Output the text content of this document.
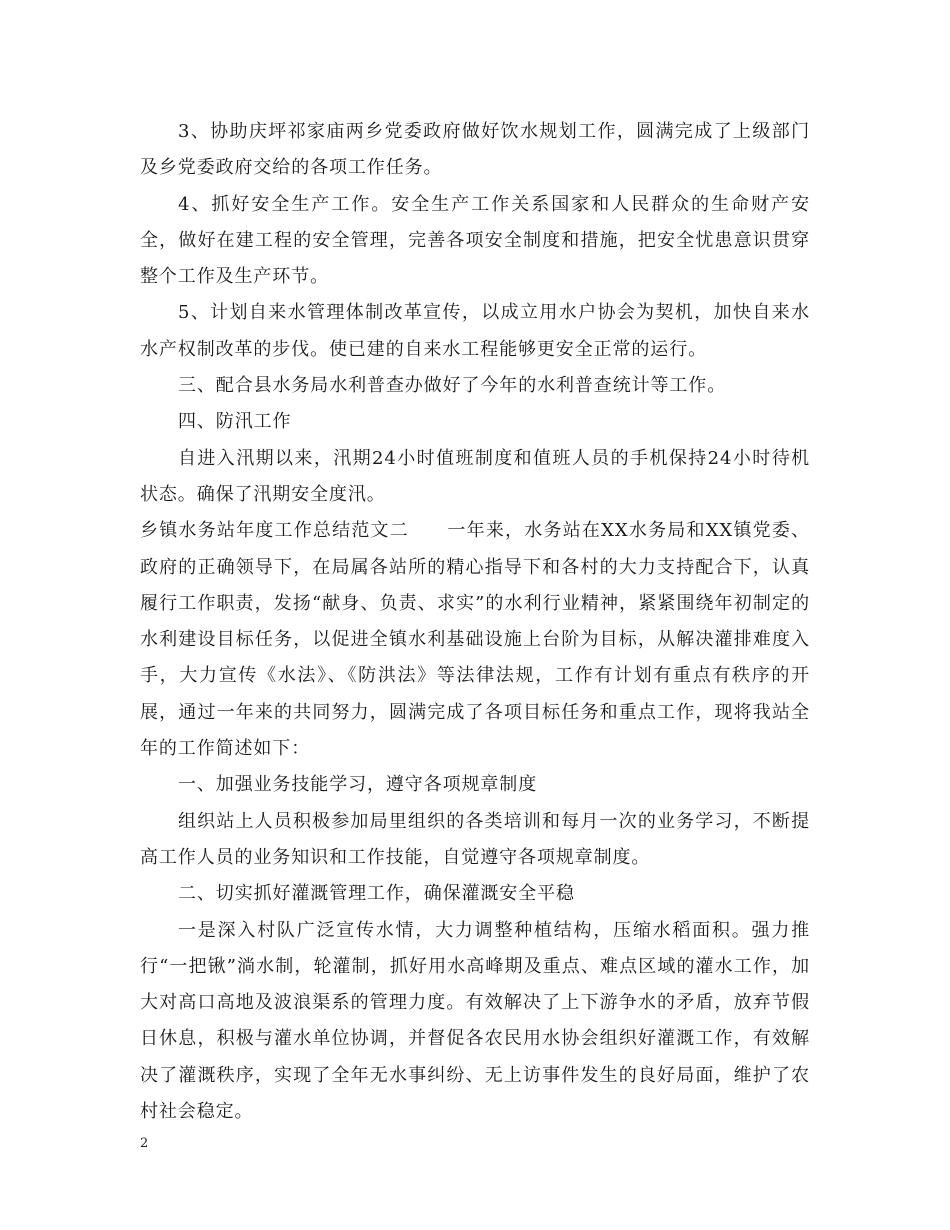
3、协助庆坪祁家庙两乡党委政府做好饮水规划工作，圆满完成了上级部门及乡党委政府交给的各项工作任务。

4、抓好安全生产工作。安全生产工作关系国家和人民群众的生命财产安全，做好在建工程的安全管理，完善各项安全制度和措施，把安全忧患意识贯穿整个工作及生产环节。

5、计划自来水管理体制改革宣传，以成立用水户协会为契机，加快自来水水产权制改革的步伐。使已建的自来水工程能够更安全正常的运行。

三、配合县水务局水利普查办做好了今年的水利普查统计等工作。

四、防汛工作

自进入汛期以来，汛期24小时值班制度和值班人员的手机保持24小时待机状态。确保了汛期安全度汛。

乡镇水务站年度工作总结范文二　　一年来，水务站在XX水务局和XX镇党委、政府的正确领导下，在局属各站所的精心指导下和各村的大力支持配合下，认真履行工作职责，发扬“献身、负责、求实”的水利行业精神，紧紧围绕年初制定的水利建设目标任务，以促进全镇水利基础设施上台阶为目标，从解决灌排难度入手，大力宣传《水法》、《防洪法》等法律法规，工作有计划有重点有秩序的开展，通过一年来的共同努力，圆满完成了各项目标任务和重点工作，现将我站全年的工作简述如下：

一、加强业务技能学习，遵守各项规章制度

组织站上人员积极参加局里组织的各类培训和每月一次的业务学习，不断提高工作人员的业务知识和工作技能，自觉遵守各项规章制度。

二、切实抓好灌溉管理工作，确保灌溉安全平稳

一是深入村队广泛宣传水情，大力调整种植结构，压缩水稻面积。强力推行“一把锹”淌水制，轮灌制，抓好用水高峰期及重点、难点区域的灌水工作，加大对高口高地及波浪渠系的管理力度。有效解决了上下游争水的矛盾，放弃节假日休息，积极与灌水单位协调，并督促各农民用水协会组织好灌溉工作，有效解决了灌溉秩序，实现了全年无水事纠纷、无上访事件发生的良好局面，维护了农村社会稳定。

2
